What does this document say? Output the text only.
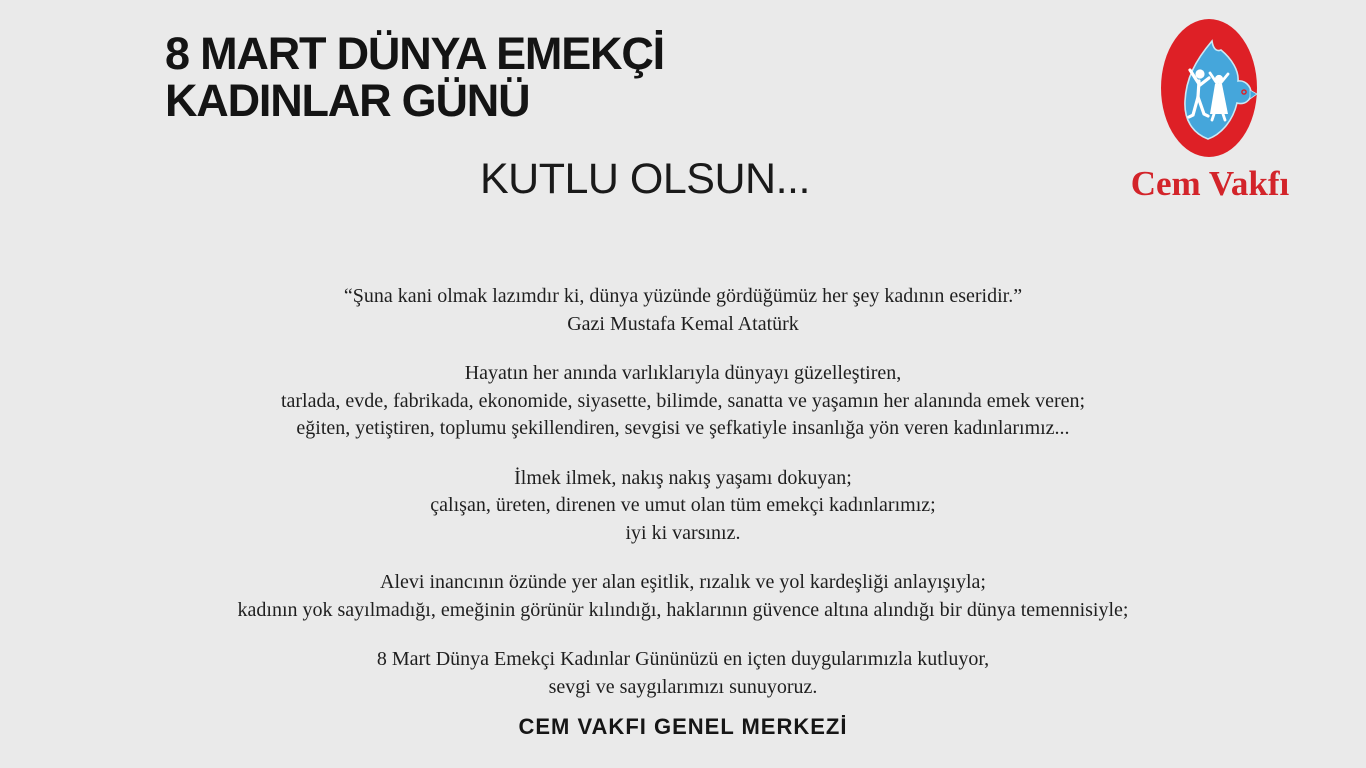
8 MART DÜNYA EMEKÇİ
KADINLAR GÜNÜ
KUTLU OLSUN...	Cem Vakfı

“Şuna kani olmak lazımdır ki, dünya yüzünde gördüğümüz her şey kadının eseridir.”
Gazi Mustafa Kemal Atatürk

Hayatın her anında varlıklarıyla dünyayı güzelleştiren,
tarlada, evde, fabrikada, ekonomide, siyasette, bilimde, sanatta ve yaşamın her alanında emek veren;
eğiten, yetiştiren, toplumu şekillendiren, sevgisi ve şefkatiyle insanlığa yön veren kadınlarımız...

İlmek ilmek, nakış nakış yaşamı dokuyan;
çalışan, üreten, direnen ve umut olan tüm emekçi kadınlarımız;
iyi ki varsınız.

Alevi inancının özünde yer alan eşitlik, rızalık ve yol kardeşliği anlayışıyla;
kadının yok sayılmadığı, emeğinin görünür kılındığı, haklarının güvence altına alındığı bir dünya temennisiyle;

8 Mart Dünya Emekçi Kadınlar Gününüzü en içten duygularımızla kutluyor,
sevgi ve saygılarımızı sunuyoruz.

CEM VAKFI GENEL MERKEZİ
